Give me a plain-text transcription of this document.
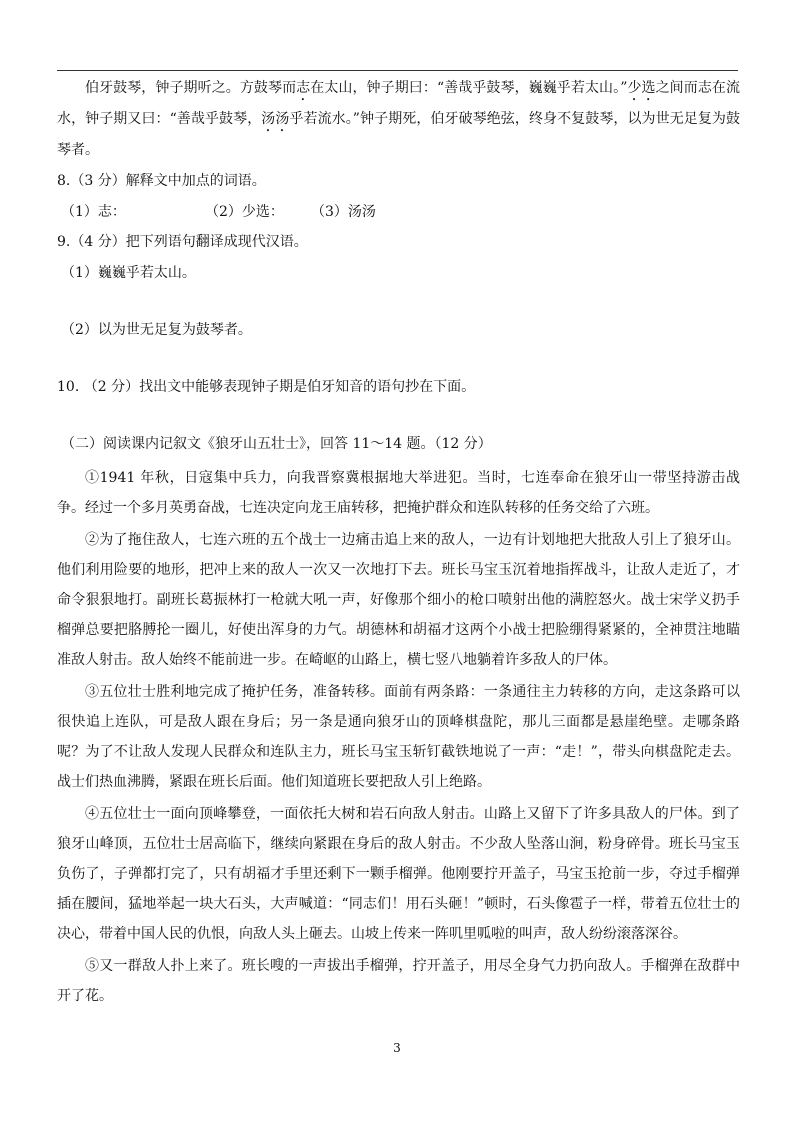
伯牙鼓琴，钟子期听之。方鼓琴而志在太山，钟子期曰：“善哉乎鼓琴，巍巍乎若太山。”少选之间而志在流水，钟子期又曰：“善哉乎鼓琴，汤汤乎若流水。”钟子期死，伯牙破琴绝弦，终身不复鼓琴，以为世无足复为鼓琴者。

8.（3 分）解释文中加点的词语。

（1）志：	（2）少选：	（3）汤汤

9.（4 分）把下列语句翻译成现代汉语。

（1）巍巍乎若太山。

（2）以为世无足复为鼓琴者。

10. （2 分）找出文中能够表现钟子期是伯牙知音的语句抄在下面。

（二）阅读课内记叙文《狼牙山五壮士》，回答 11～14 题。（12 分）

①1941 年秋，日寇集中兵力，向我晋察冀根据地大举进犯。当时，七连奉命在狼牙山一带坚持游击战争。经过一个多月英勇奋战，七连决定向龙王庙转移，把掩护群众和连队转移的任务交给了六班。

②为了拖住敌人，七连六班的五个战士一边痛击追上来的敌人，一边有计划地把大批敌人引上了狼牙山。他们利用险要的地形，把冲上来的敌人一次又一次地打下去。班长马宝玉沉着地指挥战斗，让敌人走近了，才命令狠狠地打。副班长葛振林打一枪就大吼一声，好像那个细小的枪口喷射出他的满腔怒火。战士宋学义扔手榴弹总要把胳膊抡一圈儿，好使出浑身的力气。胡德林和胡福才这两个小战士把脸绷得紧紧的，全神贯注地瞄准敌人射击。敌人始终不能前进一步。在崎岖的山路上，横七竖八地躺着许多敌人的尸体。

③五位壮士胜利地完成了掩护任务，准备转移。面前有两条路：一条通往主力转移的方向，走这条路可以很快追上连队，可是敌人跟在身后；另一条是通向狼牙山的顶峰棋盘陀，那儿三面都是悬崖绝壁。走哪条路呢？为了不让敌人发现人民群众和连队主力，班长马宝玉斩钉截铁地说了一声：“走！”，带头向棋盘陀走去。战士们热血沸腾，紧跟在班长后面。他们知道班长要把敌人引上绝路。

④五位壮士一面向顶峰攀登，一面依托大树和岩石向敌人射击。山路上又留下了许多具敌人的尸体。到了狼牙山峰顶，五位壮士居高临下，继续向紧跟在身后的敌人射击。不少敌人坠落山涧，粉身碎骨。班长马宝玉负伤了，子弹都打完了，只有胡福才手里还剩下一颗手榴弹。他刚要拧开盖子，马宝玉抢前一步，夺过手榴弹插在腰间，猛地举起一块大石头，大声喊道：“同志们！用石头砸！”顿时，石头像雹子一样，带着五位壮士的决心，带着中国人民的仇恨，向敌人头上砸去。山坡上传来一阵叽里呱啦的叫声，敌人纷纷滚落深谷。

⑤又一群敌人扑上来了。班长嗖的一声拔出手榴弹，拧开盖子，用尽全身气力扔向敌人。手榴弹在敌群中开了花。

3
